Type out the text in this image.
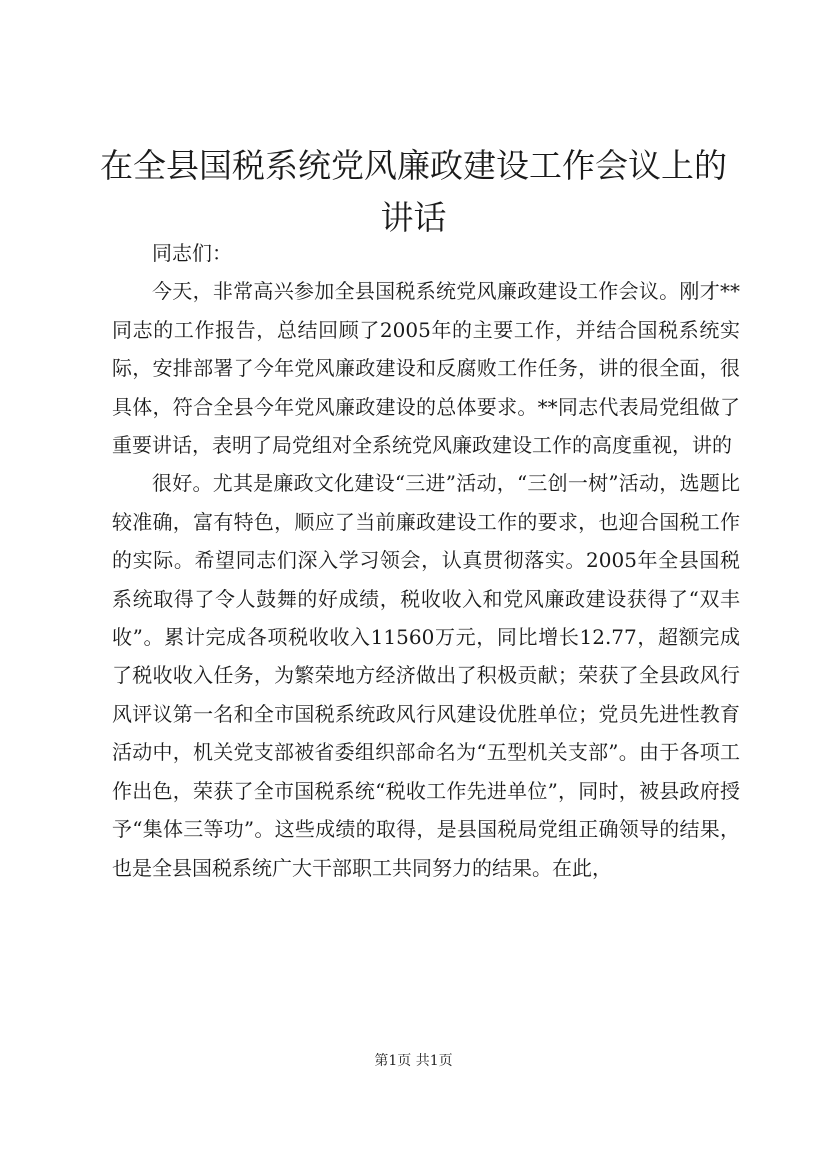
在全县国税系统党风廉政建设工作会议上的讲话

同志们：

今天，非常高兴参加全县国税系统党风廉政建设工作会议。刚才**同志的工作报告，总结回顾了2005年的主要工作，并结合国税系统实际，安排部署了今年党风廉政建设和反腐败工作任务，讲的很全面，很具体，符合全县今年党风廉政建设的总体要求。**同志代表局党组做了重要讲话，表明了局党组对全系统党风廉政建设工作的高度重视，讲的

很好。尤其是廉政文化建设“三进”活动，“三创一树”活动，选题比较准确，富有特色，顺应了当前廉政建设工作的要求，也迎合国税工作的实际。希望同志们深入学习领会，认真贯彻落实。2005年全县国税系统取得了令人鼓舞的好成绩，税收收入和党风廉政建设获得了“双丰收”。累计完成各项税收收入11560万元，同比增长12.77，超额完成了税收收入任务，为繁荣地方经济做出了积极贡献；荣获了全县政风行风评议第一名和全市国税系统政风行风建设优胜单位；党员先进性教育活动中，机关党支部被省委组织部命名为“五型机关支部”。由于各项工作出色，荣获了全市国税系统“税收工作先进单位”，同时，被县政府授予“集体三等功”。这些成绩的取得，是县国税局党组正确领导的结果，也是全县国税系统广大干部职工共同努力的结果。在此，

第1页 共1页
